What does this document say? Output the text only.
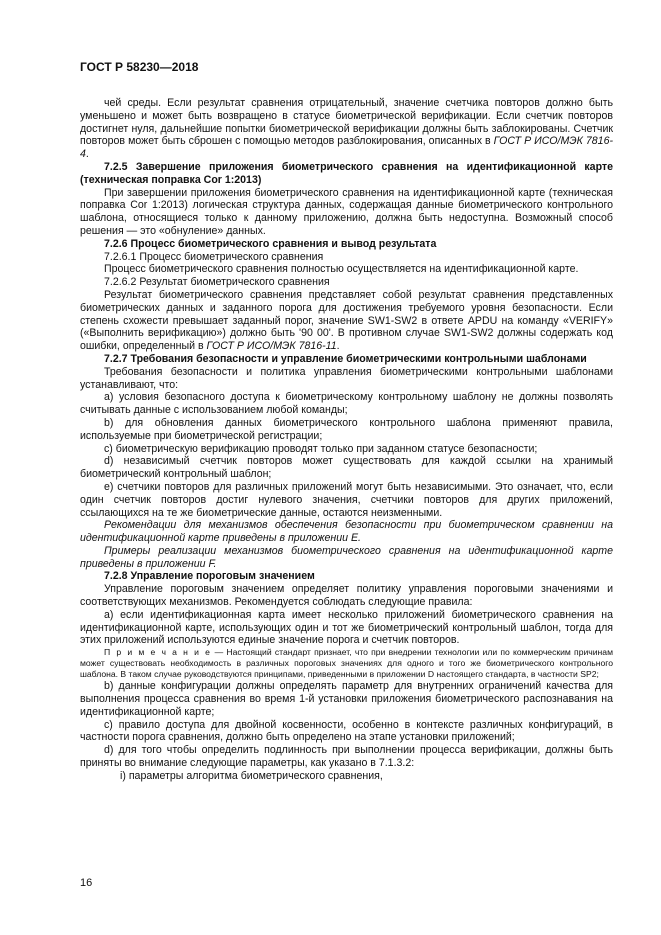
ГОСТ Р 58230—2018

чей среды. Если результат сравнения отрицательный, значение счетчика повторов должно быть уменьшено и может быть возвращено в статусе биометрической верификации. Если счетчик повторов достигнет нуля, дальнейшие попытки биометрической верификации должны быть заблокированы. Счетчик повторов может быть сброшен с помощью методов разблокирования, описанных в ГОСТ Р ИСО/МЭК 7816-4.

7.2.5 Завершение приложения биометрического сравнения на идентификационной карте (техническая поправка Cor 1:2013)

При завершении приложения биометрического сравнения на идентификационной карте (техническая поправка Cor 1:2013) логическая структура данных, содержащая данные биометрического контрольного шаблона, относящиеся только к данному приложению, должна быть недоступна. Возможный способ решения — это «обнуление» данных.

7.2.6 Процесс биометрического сравнения и вывод результата

7.2.6.1 Процесс биометрического сравнения

Процесс биометрического сравнения полностью осуществляется на идентификационной карте.

7.2.6.2 Результат биометрического сравнения

Результат биометрического сравнения представляет собой результат сравнения представленных биометрических данных и заданного порога для достижения требуемого уровня безопасности. Если степень схожести превышает заданный порог, значение SW1-SW2 в ответе APDU на команду «VERIFY» («Выполнить верификацию») должно быть '90 00'. В противном случае SW1-SW2 должны содержать код ошибки, определенный в ГОСТ Р ИСО/МЭК 7816-11.

7.2.7 Требования безопасности и управление биометрическими контрольными шаблонами

Требования безопасности и политика управления биометрическими контрольными шаблонами устанавливают, что:

a) условия безопасного доступа к биометрическому контрольному шаблону не должны позволять считывать данные с использованием любой команды;

b) для обновления данных биометрического контрольного шаблона применяют правила, используемые при биометрической регистрации;

c) биометрическую верификацию проводят только при заданном статусе безопасности;

d) независимый счетчик повторов может существовать для каждой ссылки на хранимый биометрический контрольный шаблон;

e) счетчики повторов для различных приложений могут быть независимыми. Это означает, что, если один счетчик повторов достиг нулевого значения, счетчики повторов для других приложений, ссылающихся на те же биометрические данные, остаются неизменными.

Рекомендации для механизмов обеспечения безопасности при биометрическом сравнении на идентификационной карте приведены в приложении E.

Примеры реализации механизмов биометрического сравнения на идентификационной карте приведены в приложении F.

7.2.8 Управление пороговым значением

Управление пороговым значением определяет политику управления пороговыми значениями и соответствующих механизмов. Рекомендуется соблюдать следующие правила:

a) если идентификационная карта имеет несколько приложений биометрического сравнения на идентификационной карте, использующих один и тот же биометрический контрольный шаблон, тогда для этих приложений используются единые значение порога и счетчик повторов.

П р и м е ч а н и е — Настоящий стандарт признает, что при внедрении технологии или по коммерческим причинам может существовать необходимость в различных пороговых значениях для одного и того же биометрического контрольного шаблона. В таком случае руководствуются принципами, приведенными в приложении D настоящего стандарта, в частности SP2;

b) данные конфигурации должны определять параметр для внутренних ограничений качества для выполнения процесса сравнения во время 1-й установки приложения биометрического распознавания на идентификационной карте;

c) правило доступа для двойной косвенности, особенно в контексте различных конфигураций, в частности порога сравнения, должно быть определено на этапе установки приложений;

d) для того чтобы определить подлинность при выполнении процесса верификации, должны быть приняты во внимание следующие параметры, как указано в 7.1.3.2:

i) параметры алгоритма биометрического сравнения,

16
